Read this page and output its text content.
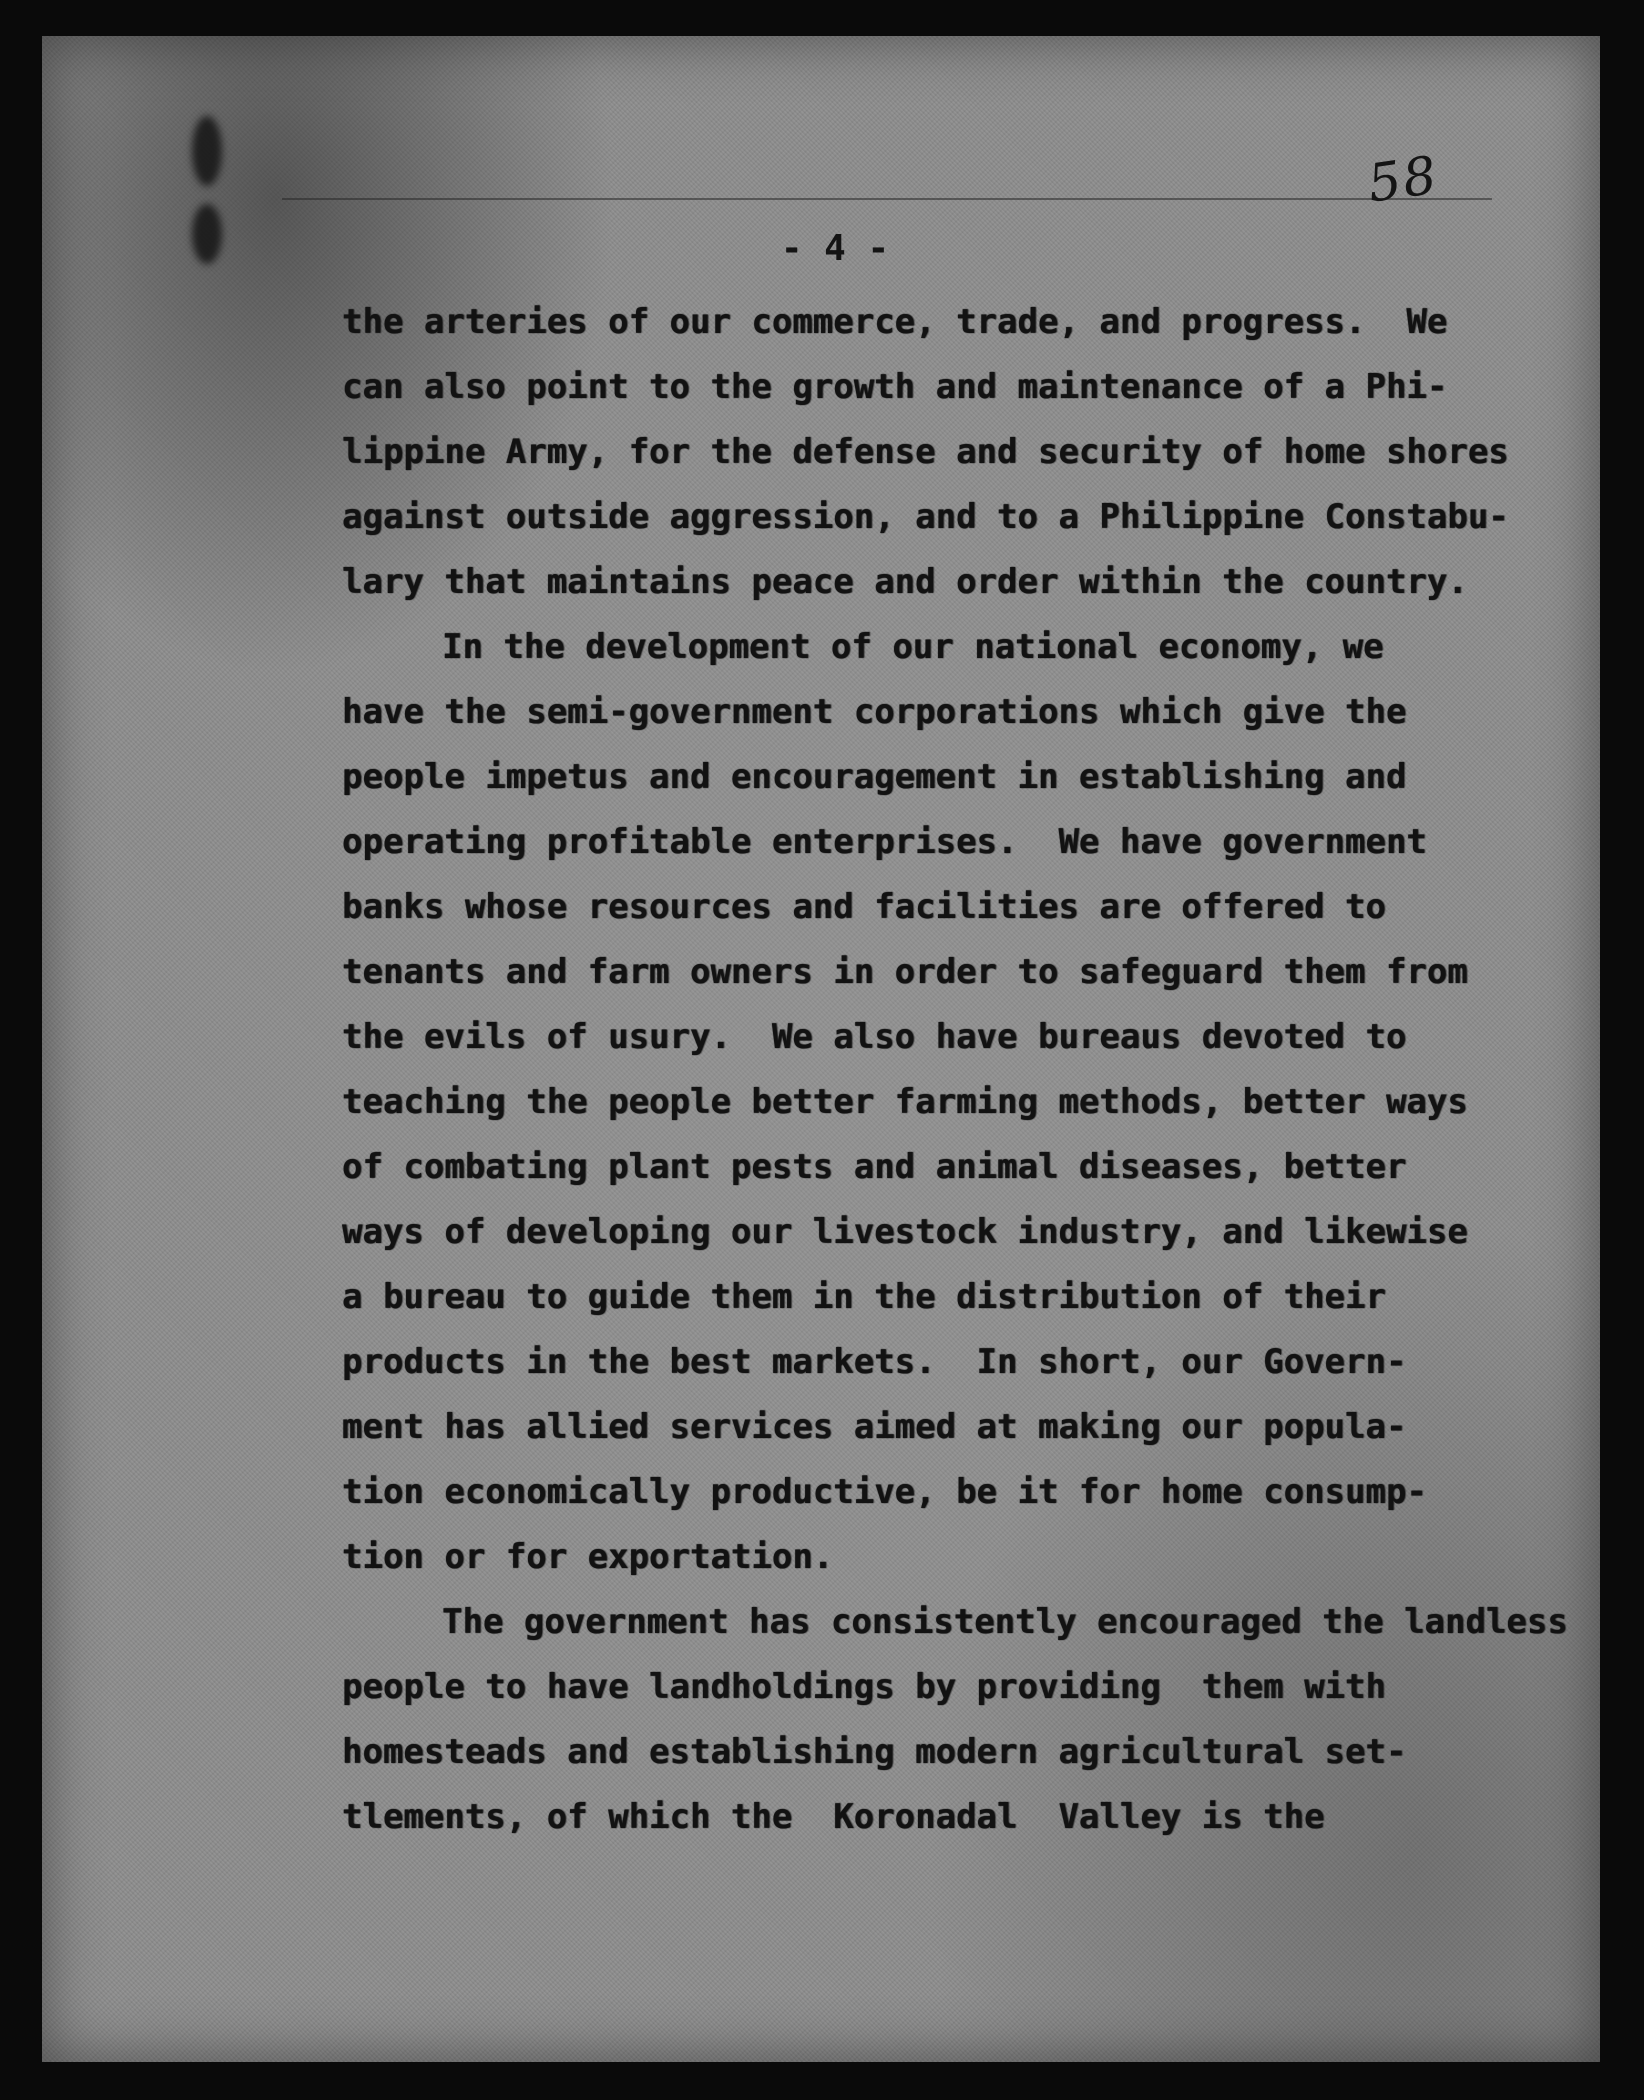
58
- 4 -
the arteries of our commerce, trade, and progress.  We
can also point to the growth and maintenance of a Phi-
lippine Army, for the defense and security of home shores
against outside aggression, and to a Philippine Constabu-
lary that maintains peace and order within the country.
In the development of our national economy, we
have the semi-government corporations which give the
people impetus and encouragement in establishing and
operating profitable enterprises.  We have government
banks whose resources and facilities are offered to
tenants and farm owners in order to safeguard them from
the evils of usury.  We also have bureaus devoted to
teaching the people better farming methods, better ways
of combating plant pests and animal diseases, better
ways of developing our livestock industry, and likewise
a bureau to guide them in the distribution of their
products in the best markets.  In short, our Govern-
ment has allied services aimed at making our popula-
tion economically productive, be it for home consump-
tion or for exportation.
The government has consistently encouraged the landless
people to have landholdings by providing  them with
homesteads and establishing modern agricultural set-
tlements, of which the  Koronadal  Valley is the
